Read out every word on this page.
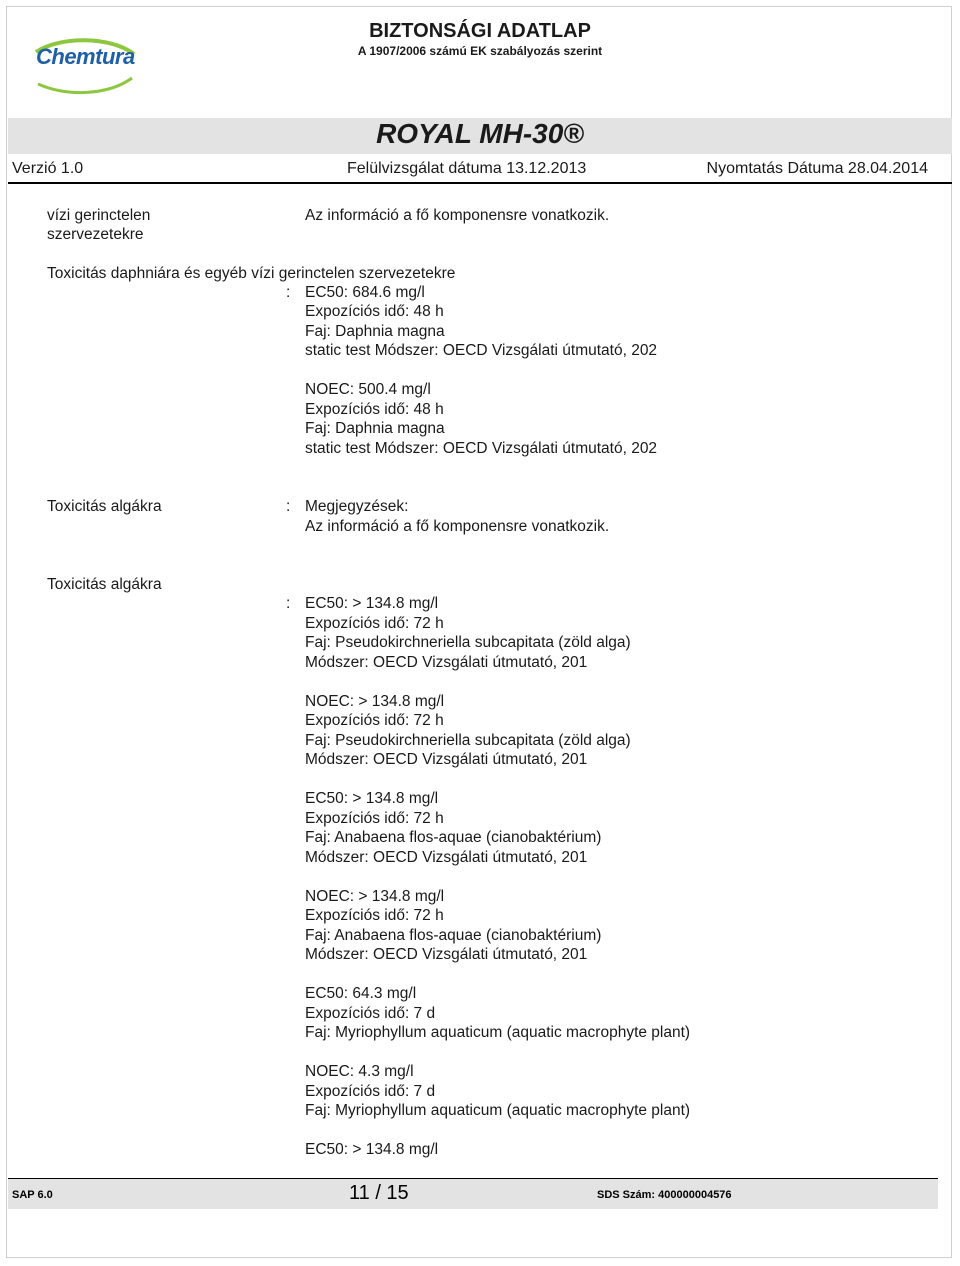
Chemtura
BIZTONSÁGI ADATLAP
A 1907/2006 számú EK szabályozás szerint
ROYAL MH-30®
Verzió 1.0	Felülvizsgálat dátuma 13.12.2013	Nyomtatás Dátuma 28.04.2014
vízi gerinctelen
szervezetekre
Az információ a fő komponensre vonatkozik.
Toxicitás daphniára és egyéb vízi gerinctelen szervezetekre
: EC50: 684.6 mg/l
Expozíciós idő: 48 h
Faj: Daphnia magna
static test Módszer: OECD Vizsgálati útmutató, 202
NOEC: 500.4 mg/l
Expozíciós idő: 48 h
Faj: Daphnia magna
static test Módszer: OECD Vizsgálati útmutató, 202
Toxicitás algákra	: Megjegyzések:
Az információ a fő komponensre vonatkozik.
Toxicitás algákra
: EC50: > 134.8 mg/l
Expozíciós idő: 72 h
Faj: Pseudokirchneriella subcapitata (zöld alga)
Módszer: OECD Vizsgálati útmutató, 201
NOEC: > 134.8 mg/l
Expozíciós idő: 72 h
Faj: Pseudokirchneriella subcapitata (zöld alga)
Módszer: OECD Vizsgálati útmutató, 201
EC50: > 134.8 mg/l
Expozíciós idő: 72 h
Faj: Anabaena flos-aquae (cianobaktérium)
Módszer: OECD Vizsgálati útmutató, 201
NOEC: > 134.8 mg/l
Expozíciós idő: 72 h
Faj: Anabaena flos-aquae (cianobaktérium)
Módszer: OECD Vizsgálati útmutató, 201
EC50: 64.3 mg/l
Expozíciós idő: 7 d
Faj: Myriophyllum aquaticum (aquatic macrophyte plant)
NOEC: 4.3 mg/l
Expozíciós idő: 7 d
Faj: Myriophyllum aquaticum (aquatic macrophyte plant)
EC50: > 134.8 mg/l
SAP 6.0	11 / 15	SDS Szám: 400000004576
